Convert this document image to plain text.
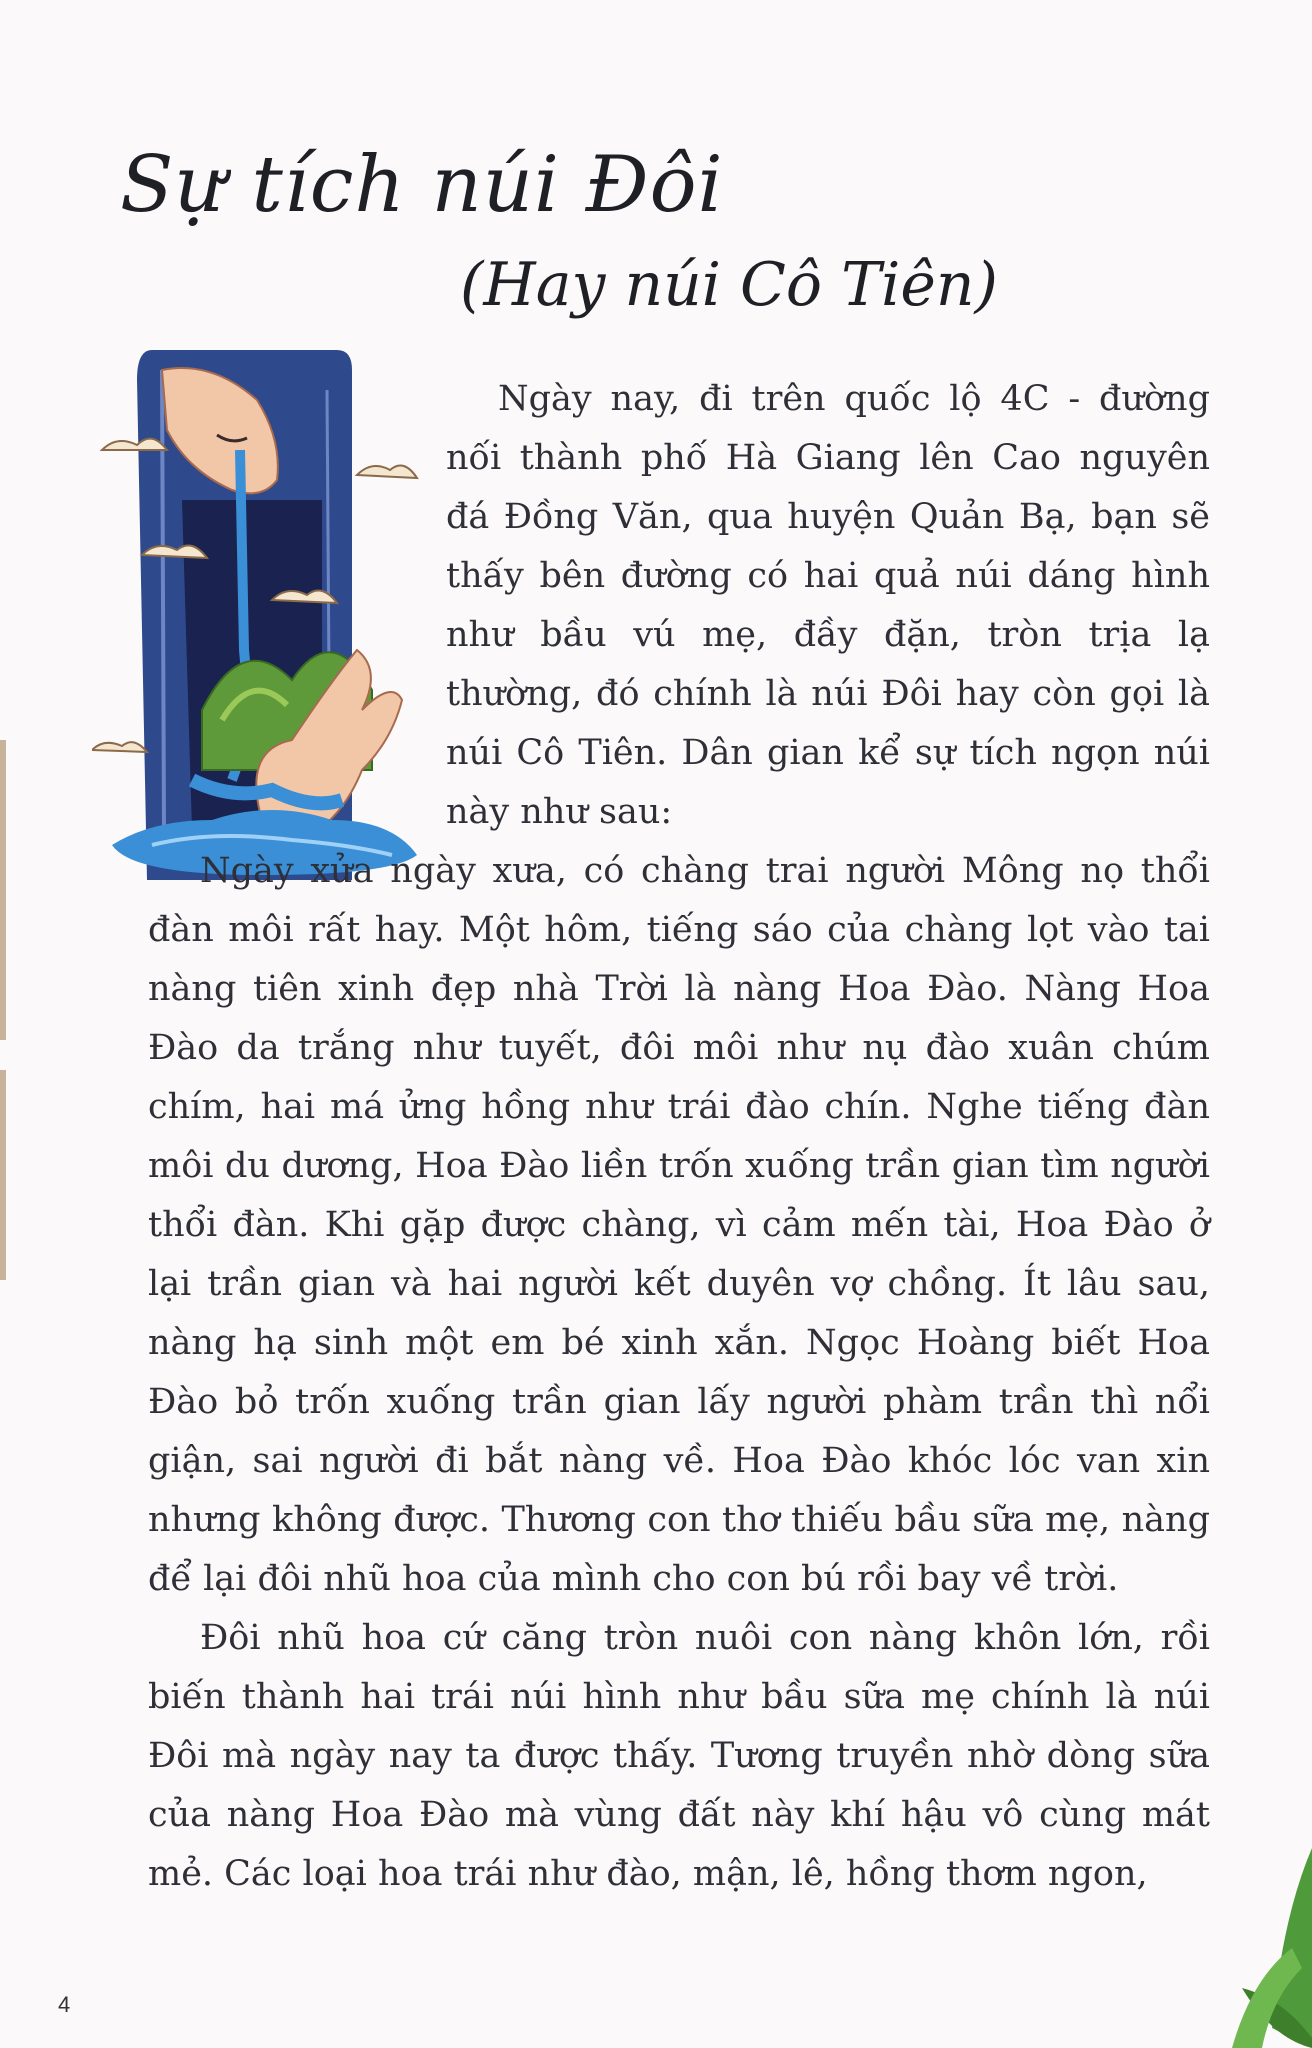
Sự tích núi Đôi
(Hay núi Cô Tiên)

Ngày nay, đi trên quốc lộ 4C - đường nối thành phố Hà Giang lên Cao nguyên đá Đồng Văn, qua huyện Quản Bạ, bạn sẽ thấy bên đường có hai quả núi dáng hình như bầu vú mẹ, đầy đặn, tròn trịa lạ thường, đó chính là núi Đôi hay còn gọi là núi Cô Tiên. Dân gian kể sự tích ngọn núi này như sau:

Ngày xửa ngày xưa, có chàng trai người Mông nọ thổi đàn môi rất hay. Một hôm, tiếng sáo của chàng lọt vào tai nàng tiên xinh đẹp nhà Trời là nàng Hoa Đào. Nàng Hoa Đào da trắng như tuyết, đôi môi như nụ đào xuân chúm chím, hai má ửng hồng như trái đào chín. Nghe tiếng đàn môi du dương, Hoa Đào liền trốn xuống trần gian tìm người thổi đàn. Khi gặp được chàng, vì cảm mến tài, Hoa Đào ở lại trần gian và hai người kết duyên vợ chồng. Ít lâu sau, nàng hạ sinh một em bé xinh xắn. Ngọc Hoàng biết Hoa Đào bỏ trốn xuống trần gian lấy người phàm trần thì nổi giận, sai người đi bắt nàng về. Hoa Đào khóc lóc van xin nhưng không được. Thương con thơ thiếu bầu sữa mẹ, nàng để lại đôi nhũ hoa của mình cho con bú rồi bay về trời.

Đôi nhũ hoa cứ căng tròn nuôi con nàng khôn lớn, rồi biến thành hai trái núi hình như bầu sữa mẹ chính là núi Đôi mà ngày nay ta được thấy. Tương truyền nhờ dòng sữa của nàng Hoa Đào mà vùng đất này khí hậu vô cùng mát mẻ. Các loại hoa trái như đào, mận, lê, hồng thơm ngon,

4
